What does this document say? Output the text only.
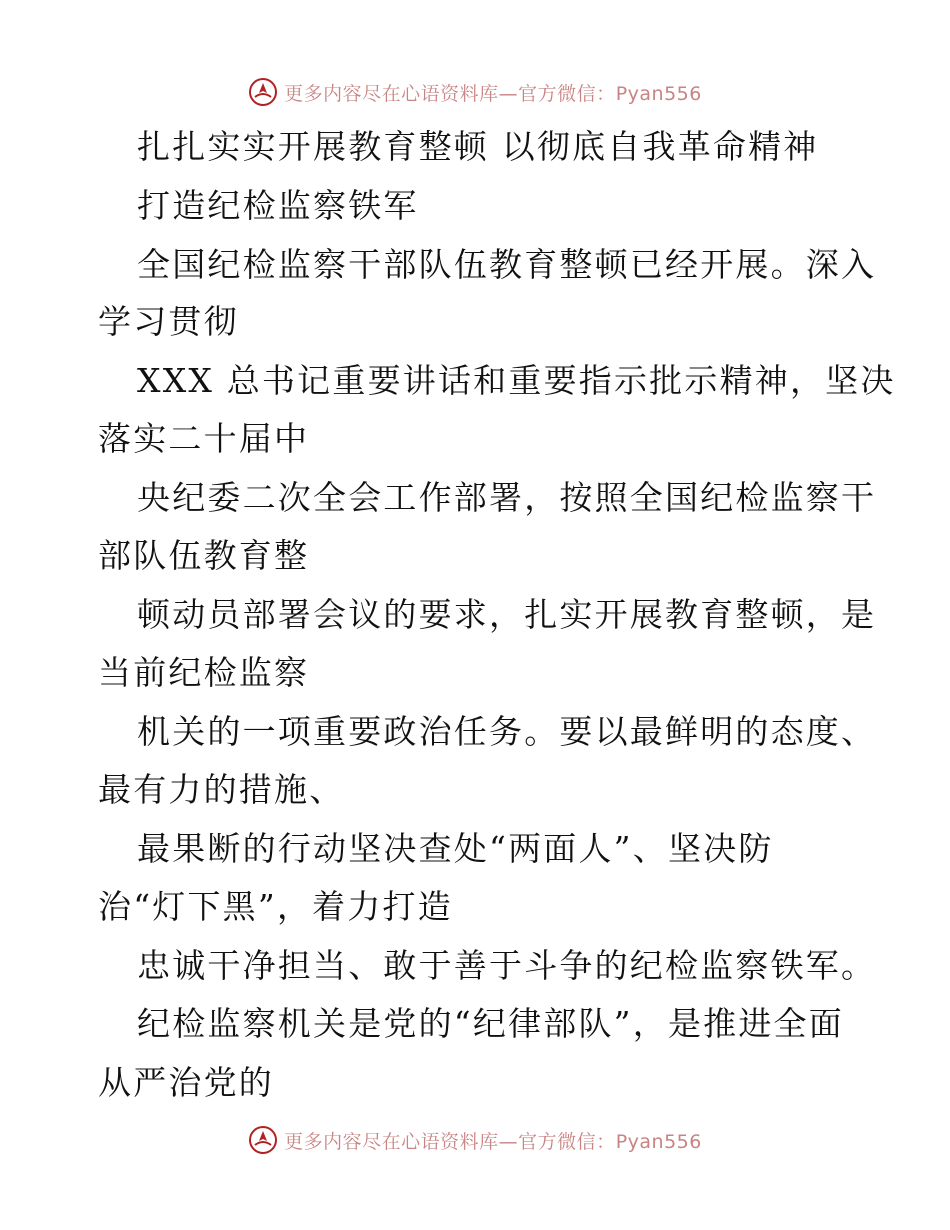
更多内容尽在心语资料库—官方微信：Pyan556
扎扎实实开展教育整顿 以彻底自我革命精神
打造纪检监察铁军
全国纪检监察干部队伍教育整顿已经开展。深入
学习贯彻
XXX 总书记重要讲话和重要指示批示精神，坚决
落实二十届中
央纪委二次全会工作部署，按照全国纪检监察干
部队伍教育整
顿动员部署会议的要求，扎实开展教育整顿，是
当前纪检监察
机关的一项重要政治任务。要以最鲜明的态度、
最有力的措施、
最果断的行动坚决查处“两面人”、坚决防
治“灯下黑”，着力打造
忠诚干净担当、敢于善于斗争的纪检监察铁军。
纪检监察机关是党的“纪律部队”，是推进全面
从严治党的
更多内容尽在心语资料库—官方微信：Pyan556
